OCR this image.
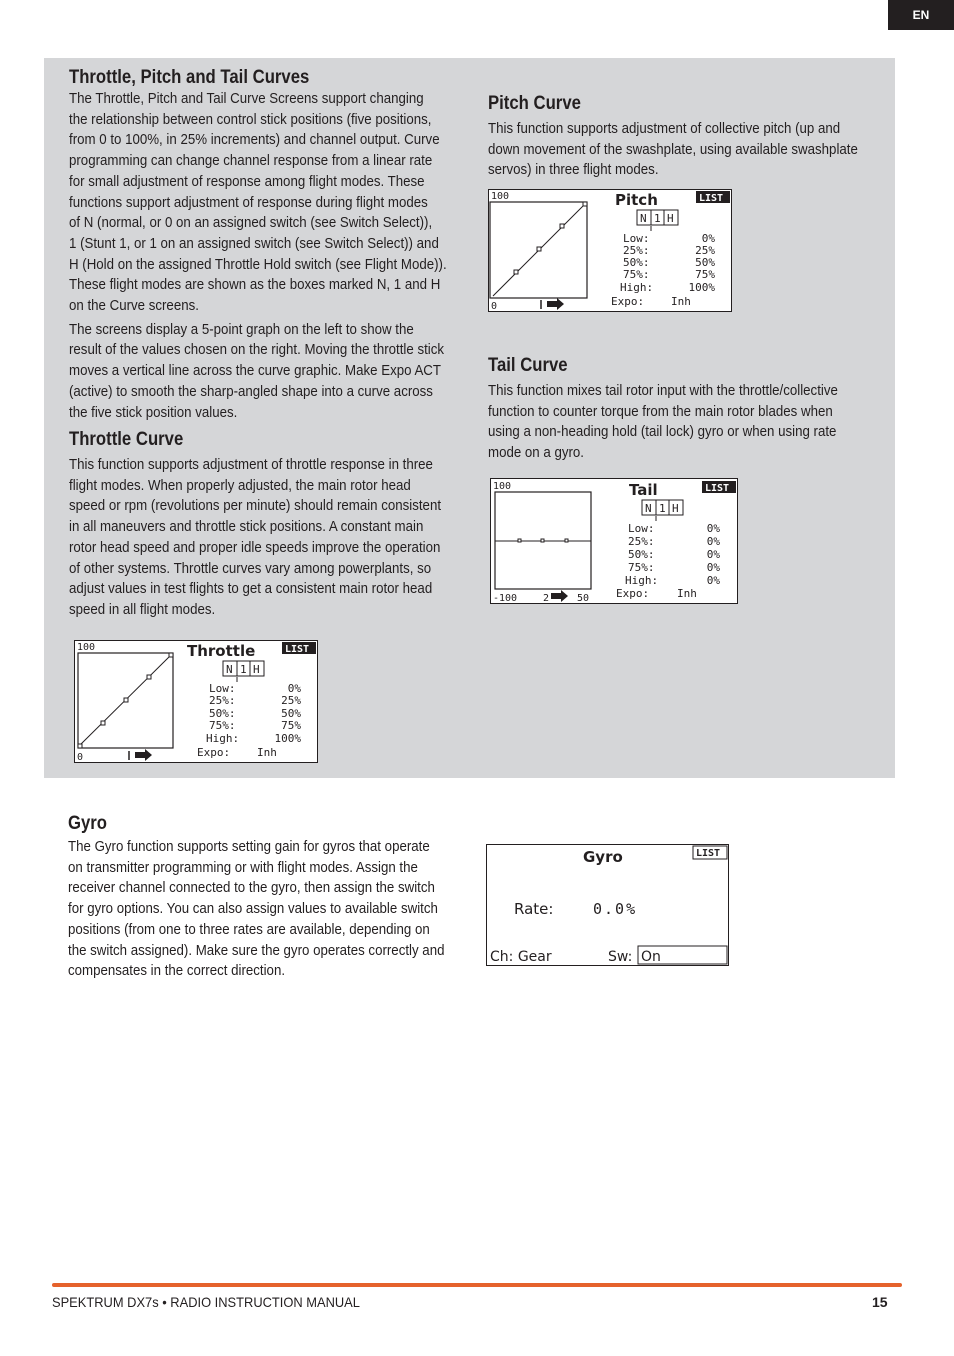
EN
Throttle, Pitch and Tail Curves

The Throttle, Pitch and Tail Curve Screens support changing

the relationship between control stick positions (five positions,

from 0 to 100%, in 25% increments) and channel output. Curve

programming can change channel response from a linear rate

for small adjustment of response among flight modes. These

functions support adjustment of response during flight modes

of N (normal, or 0 on an assigned switch (see Switch Select)),

1 (Stunt 1, or 1 on an assigned switch (see Switch Select)) and

H (Hold on the assigned Throttle Hold switch (see Flight Mode)).

These flight modes are shown as the boxes marked N, 1 and H

on the Curve screens.

The screens display a 5-point graph on the left to show the

result of the values chosen on the right. Moving the throttle stick

moves a vertical line across the curve graphic. Make Expo ACT

(active) to smooth the sharp-angled shape into a curve across

the five stick position values.

Throttle Curve

This function supports adjustment of throttle response in three

flight modes. When properly adjusted, the main rotor head

speed or rpm (revolutions per minute) should remain consistent

in all maneuvers and throttle stick positions. A constant main

rotor head speed and proper idle speeds improve the operation

of other systems. Throttle curves vary among powerplants, so

adjust values in test flights to get a consistent main rotor head

speed in all flight modes.

Pitch Curve

This function supports adjustment of collective pitch (up and

down movement of the swashplate, using available swashplate

servos) in three flight modes.

Tail Curve

This function mixes tail rotor input with the throttle/collective

function to counter torque from the main rotor blades when

using a non-heading hold (tail lock) gyro or when using rate

mode on a gyro.

100
0
Pitch	LIST
N 1 H
Low:	0%
25%:	25%
50%:	50%
75%:	75%
High:	100%
Expo: Inh
100
-100	2	50
Tail	LIST
N 1 H
Low:	0%
25%:	0%
50%:	0%
75%:	0%
High:	0%
Expo:	Inh
100
0
Throttle	LIST
N 1 H
Low:	0%
25%:	25%
50%:	50%
75%:	75%
High:	100%
Expo: Inh
Gyro

The Gyro function supports setting gain for gyros that operate

on transmitter programming or with flight modes. Assign the

receiver channel connected to the gyro, then assign the switch

for gyro options. You can also assign values to available switch

positions (from one to three rates are available, depending on

the switch assigned). Make sure the gyro operates correctly and

compensates in the correct direction.

Gyro	LIST
Rate:	0.0%
Ch: Gear	Sw: On
SPEKTRUM DX7s • RADIO INSTRUCTION MANUAL	15
